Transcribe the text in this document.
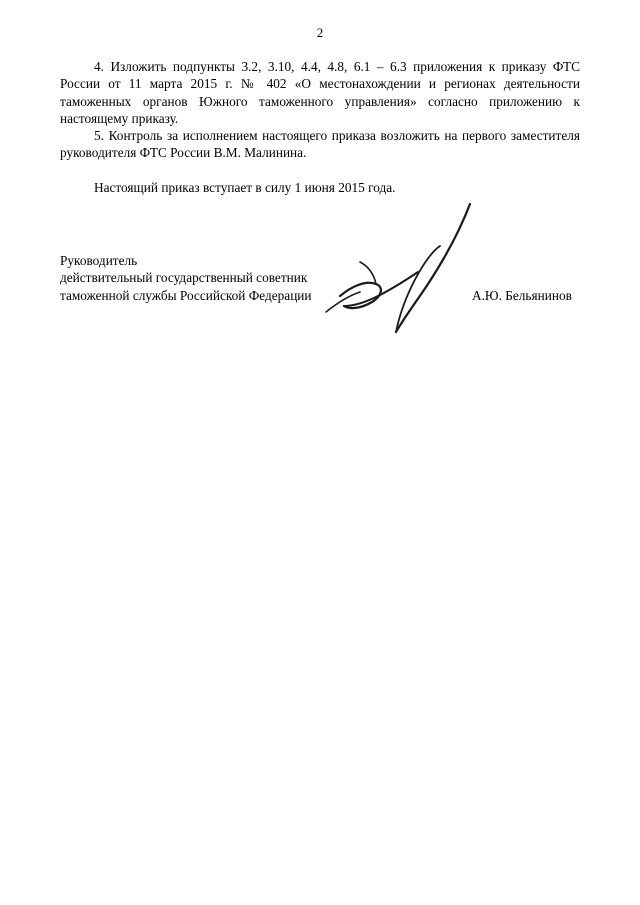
2

4. Изложить подпункты 3.2, 3.10, 4.4, 4.8, 6.1 – 6.3 приложения к приказу ФТС России от 11 марта 2015 г. № 402 «О местонахождении и регионах деятельности таможенных органов Южного таможенного управления» согласно приложению к настоящему приказу.

5. Контроль за исполнением настоящего приказа возложить на первого заместителя руководителя ФТС России В.М. Малинина.

Настоящий приказ вступает в силу 1 июня 2015 года.

Руководитель
действительный государственный советник
таможенной службы Российской Федерации	А.Ю. Бельянинов
